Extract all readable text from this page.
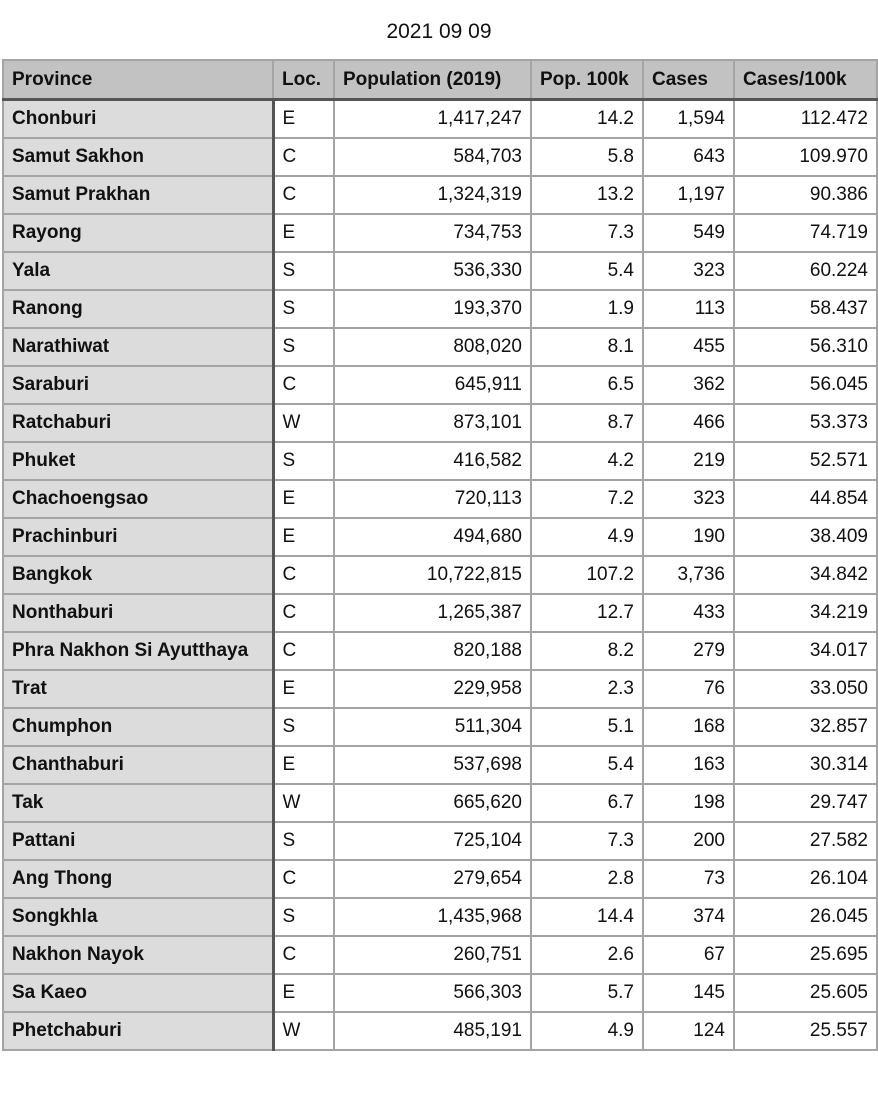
2021 09 09
Province	Loc.	Population (2019)	Pop. 100k	Cases	Cases/100k
Chonburi	E	1,417,247	14.2	1,594	112.472
Samut Sakhon	C	584,703	5.8	643	109.970
Samut Prakhan	C	1,324,319	13.2	1,197	90.386
Rayong	E	734,753	7.3	549	74.719
Yala	S	536,330	5.4	323	60.224
Ranong	S	193,370	1.9	113	58.437
Narathiwat	S	808,020	8.1	455	56.310
Saraburi	C	645,911	6.5	362	56.045
Ratchaburi	W	873,101	8.7	466	53.373
Phuket	S	416,582	4.2	219	52.571
Chachoengsao	E	720,113	7.2	323	44.854
Prachinburi	E	494,680	4.9	190	38.409
Bangkok	C	10,722,815	107.2	3,736	34.842
Nonthaburi	C	1,265,387	12.7	433	34.219
Phra Nakhon Si Ayutthaya	C	820,188	8.2	279	34.017
Trat	E	229,958	2.3	76	33.050
Chumphon	S	511,304	5.1	168	32.857
Chanthaburi	E	537,698	5.4	163	30.314
Tak	W	665,620	6.7	198	29.747
Pattani	S	725,104	7.3	200	27.582
Ang Thong	C	279,654	2.8	73	26.104
Songkhla	S	1,435,968	14.4	374	26.045
Nakhon Nayok	C	260,751	2.6	67	25.695
Sa Kaeo	E	566,303	5.7	145	25.605
Phetchaburi	W	485,191	4.9	124	25.557
